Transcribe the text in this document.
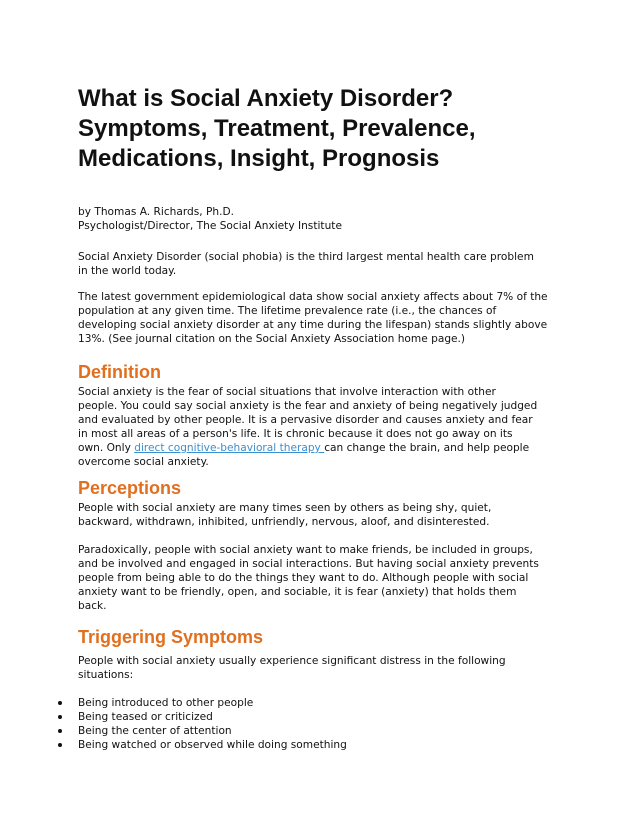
What is Social Anxiety Disorder?
Symptoms, Treatment, Prevalence,
Medications, Insight, Prognosis
by Thomas A. Richards, Ph.D.
Psychologist/Director, The Social Anxiety Institute
Social Anxiety Disorder (social phobia) is the third largest mental health care problem
in the world today.
The latest government epidemiological data show social anxiety affects about 7% of the
population at any given time. The lifetime prevalence rate (i.e., the chances of
developing social anxiety disorder at any time during the lifespan) stands slightly above
13%. (See journal citation on the Social Anxiety Association home page.)
Definition
Social anxiety is the fear of social situations that involve interaction with other
people. You could say social anxiety is the fear and anxiety of being negatively judged
and evaluated by other people. It is a pervasive disorder and causes anxiety and fear
in most all areas of a person's life. It is chronic because it does not go away on its
own. Only direct cognitive-behavioral therapy can change the brain, and help people
overcome social anxiety.
Perceptions
People with social anxiety are many times seen by others as being shy, quiet,
backward, withdrawn, inhibited, unfriendly, nervous, aloof, and disinterested.
Paradoxically, people with social anxiety want to make friends, be included in groups,
and be involved and engaged in social interactions. But having social anxiety prevents
people from being able to do the things they want to do. Although people with social
anxiety want to be friendly, open, and sociable, it is fear (anxiety) that holds them
back.
Triggering Symptoms
People with social anxiety usually experience significant distress in the following
situations:
Being introduced to other people
Being teased or criticized
Being the center of attention
Being watched or observed while doing something
